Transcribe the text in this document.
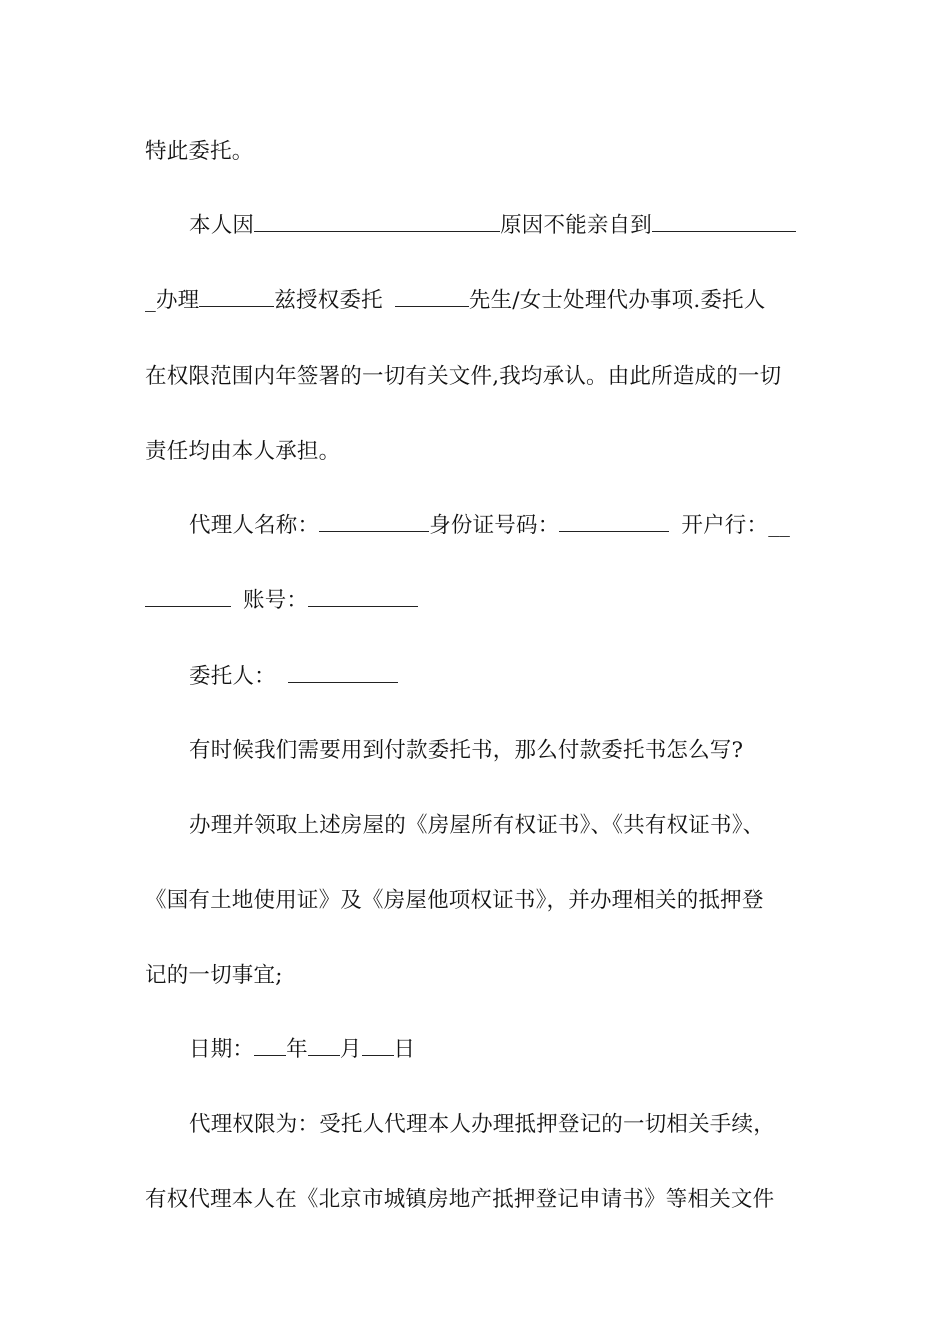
特此委托。
本人因	原因不能亲自到
_办理	兹授权委托	先生/女士处理代办事项.委托人
在权限范围内年签署的一切有关文件,我均承认。由此所造成的一切
责任均由本人承担。
代理人名称：	身份证号码：	开户行：__
账号：
委托人：
有时候我们需要用到付款委托书，那么付款委托书怎么写?
办理并领取上述房屋的《房屋所有权证书》、《共有权证书》、
《国有土地使用证》及《房屋他项权证书》，并办理相关的抵押登
记的一切事宜;
日期： 年 月 日
代理权限为：受托人代理本人办理抵押登记的一切相关手续，
有权代理本人在《北京市城镇房地产抵押登记申请书》等相关文件
